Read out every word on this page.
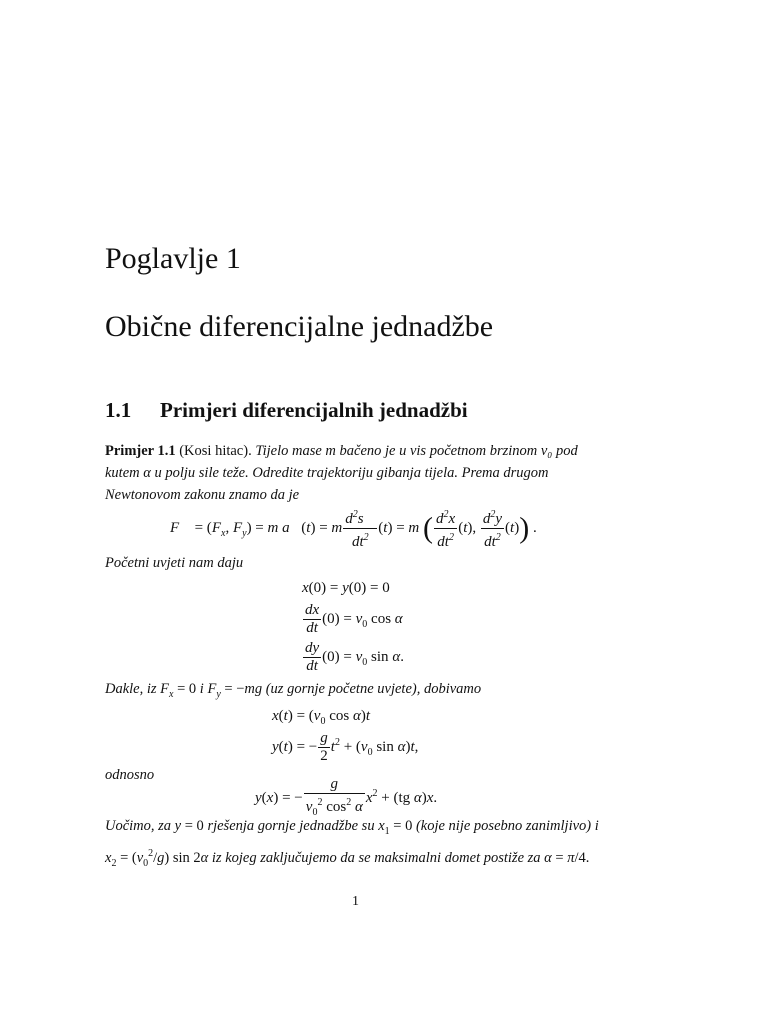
Poglavlje 1
Obične diferencijalne jednadžbe
1.1 Primjeri diferencijalnih jednadžbi
Primjer 1.1 (Kosi hitac). Tijelo mase m bačeno je u vis početnom brzinom v₀ pod kutem α u polju sile teže. Odredite trajektoriju gibanja tijela. Prema drugom Newtonovom zakonu znamo da je
F⃗ = ($F_x$, $F_y) = m$ a⃗(t) = m $\frac{d^2s⃗}{dt^2} (t) = m$ ( $\frac{d^2x}{dt^2} (t)$, $\frac{d^2y}{dt^2} (t)$) .
Početni uvjeti nam daju
x(0) = y(0) = 0
$\frac{dx}{dt} (0) = v_0$ cos α
$\frac{dy}{dt} (0) = v_0$ sin α.
Dakle, iz $F_x = 0$ i $F_y = -mg$ (uz gornje početne uvjete), dobivamo
$x(t) = (v_0$ cos α)t
y(t) = − $\frac{g}{2} t^2 + (v_0$ sin α)t,
odnosno
y(x) = − $\frac{g}{v_0^2 \cos^2 \alpha} x^2 + (tg$ α)x.
Uočimo, za y = 0 rješenja gornje jednadžbe su $x_1 = 0$ (koje nije posebno zanimljivo) i $x_2 = (v_0^2/g)$ sin 2α iz kojeg zaključujemo da se maksimalni domet postiže za α = π/4.
1
